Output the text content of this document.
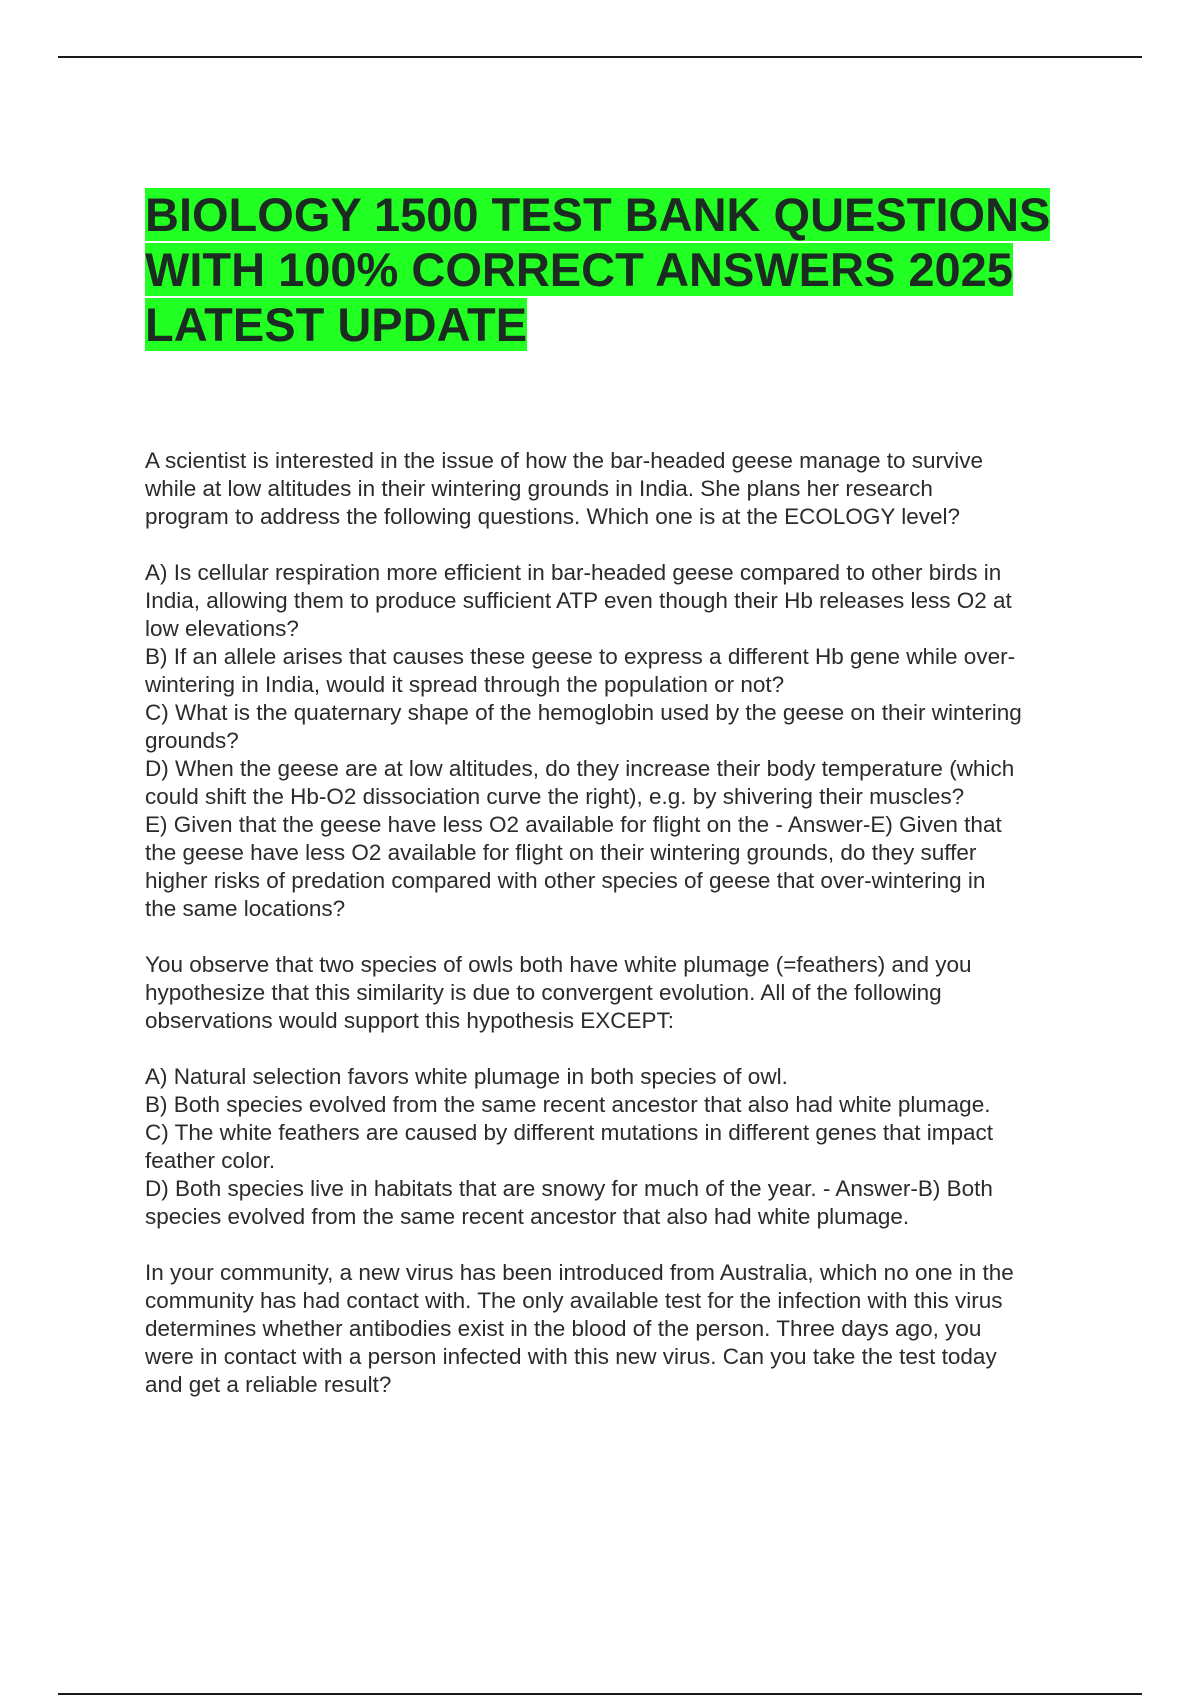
BIOLOGY 1500 TEST BANK QUESTIONS
WITH 100% CORRECT ANSWERS 2025
LATEST UPDATE

A scientist is interested in the issue of how the bar-headed geese manage to survive

while at low altitudes in their wintering grounds in India. She plans her research

program to address the following questions. Which one is at the ECOLOGY level?

A) Is cellular respiration more efficient in bar-headed geese compared to other birds in

India, allowing them to produce sufficient ATP even though their Hb releases less O2 at

low elevations?

B) If an allele arises that causes these geese to express a different Hb gene while over-

wintering in India, would it spread through the population or not?

C) What is the quaternary shape of the hemoglobin used by the geese on their wintering

grounds?

D) When the geese are at low altitudes, do they increase their body temperature (which

could shift the Hb-O2 dissociation curve the right), e.g. by shivering their muscles?

E) Given that the geese have less O2 available for flight on the - Answer-E) Given that

the geese have less O2 available for flight on their wintering grounds, do they suffer

higher risks of predation compared with other species of geese that over-wintering in

the same locations?

You observe that two species of owls both have white plumage (=feathers) and you

hypothesize that this similarity is due to convergent evolution. All of the following

observations would support this hypothesis EXCEPT:

A) Natural selection favors white plumage in both species of owl.

B) Both species evolved from the same recent ancestor that also had white plumage.

C) The white feathers are caused by different mutations in different genes that impact

feather color.

D) Both species live in habitats that are snowy for much of the year. - Answer-B) Both

species evolved from the same recent ancestor that also had white plumage.

In your community, a new virus has been introduced from Australia, which no one in the

community has had contact with. The only available test for the infection with this virus

determines whether antibodies exist in the blood of the person. Three days ago, you

were in contact with a person infected with this new virus. Can you take the test today

and get a reliable result?
